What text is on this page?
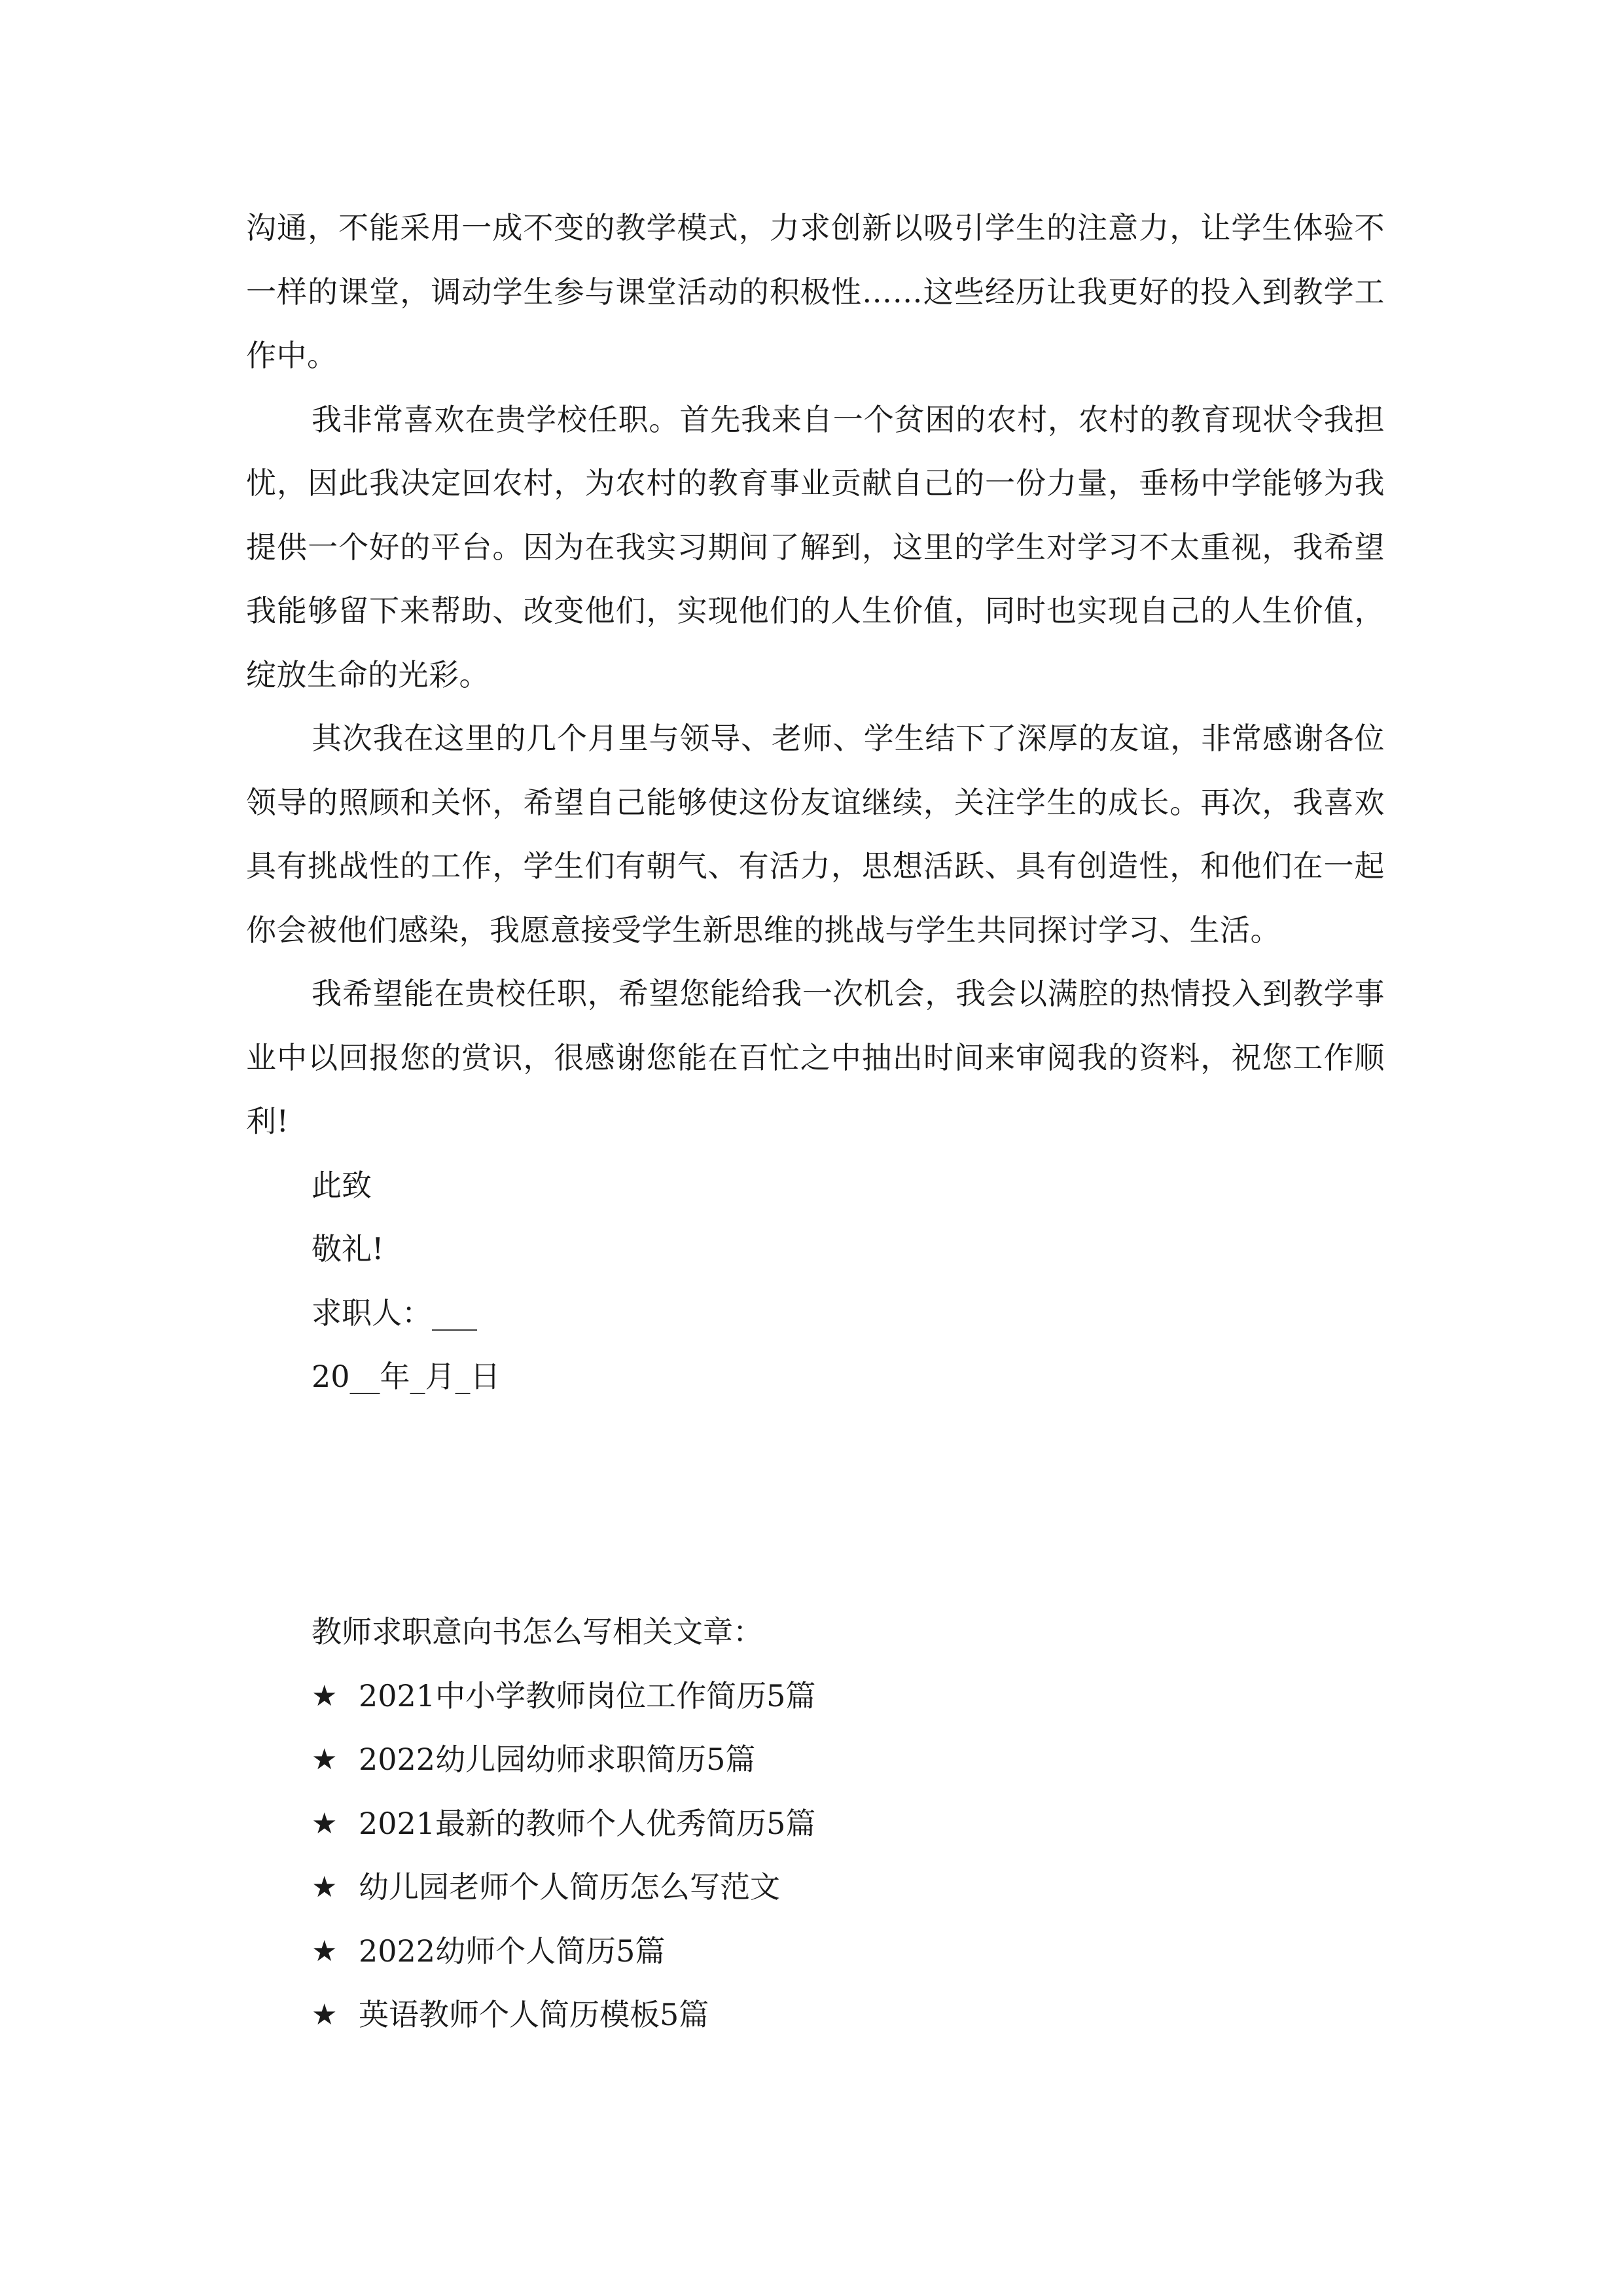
沟通，不能采用一成不变的教学模式，力求创新以吸引学生的注意力，让学生体验不一样的课堂，调动学生参与课堂活动的积极性……这些经历让我更好的投入到教学工作中。

我非常喜欢在贵学校任职。首先我来自一个贫困的农村，农村的教育现状令我担忧，因此我决定回农村，为农村的教育事业贡献自己的一份力量，垂杨中学能够为我提供一个好的平台。因为在我实习期间了解到，这里的学生对学习不太重视，我希望我能够留下来帮助、改变他们，实现他们的人生价值，同时也实现自己的人生价值，绽放生命的光彩。

其次我在这里的几个月里与领导、老师、学生结下了深厚的友谊，非常感谢各位领导的照顾和关怀，希望自己能够使这份友谊继续，关注学生的成长。再次，我喜欢具有挑战性的工作，学生们有朝气、有活力，思想活跃、具有创造性，和他们在一起你会被他们感染，我愿意接受学生新思维的挑战与学生共同探讨学习、生活。

我希望能在贵校任职，希望您能给我一次机会，我会以满腔的热情投入到教学事业中以回报您的赏识，很感谢您能在百忙之中抽出时间来审阅我的资料，祝您工作顺利!

此致

敬礼!

求职人：___

20__年_月_日

教师求职意向书怎么写相关文章：

★ 2021中小学教师岗位工作简历5篇
★ 2022幼儿园幼师求职简历5篇
★ 2021最新的教师个人优秀简历5篇
★ 幼儿园老师个人简历怎么写范文
★ 2022幼师个人简历5篇
★ 英语教师个人简历模板5篇
